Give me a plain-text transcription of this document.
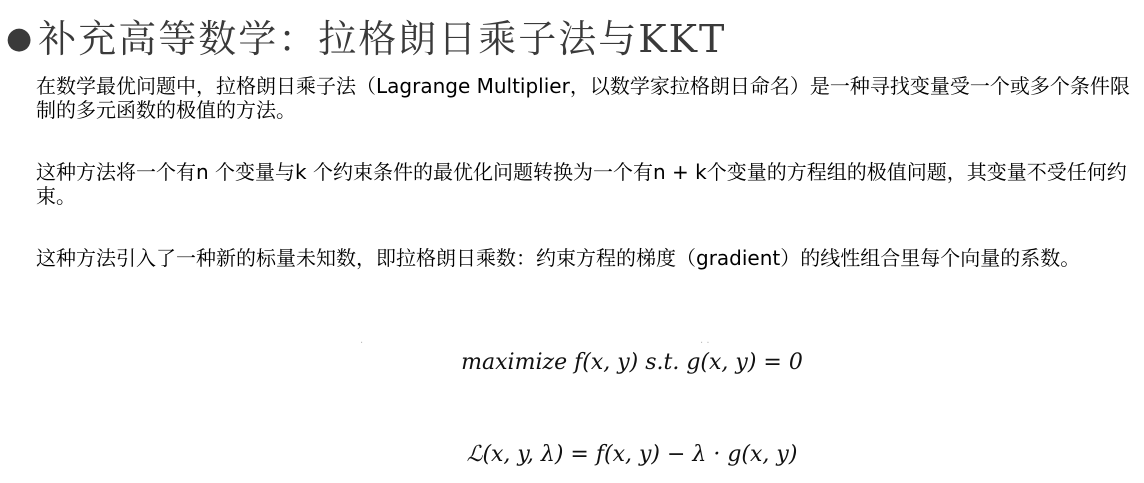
● 补充高等数学：拉格朗日乘子法与KKT
在数学最优问题中，拉格朗日乘子法（Lagrange Multiplier，以数学家拉格朗日命名）是一种寻找变量受一个或多个条件限制的多元函数的极值的方法。
这种方法将一个有n 个变量与k 个约束条件的最优化问题转换为一个有n + k个变量的方程组的极值问题，其变量不受任何约束。
这种方法引入了一种新的标量未知数，即拉格朗日乘数：约束方程的梯度（gradient）的线性组合里每个向量的系数。
·	· ·
maximize f(x, y) s.t. g(x, y) = 0
ℒ(x, y, λ) = f(x, y) − λ · g(x, y)
